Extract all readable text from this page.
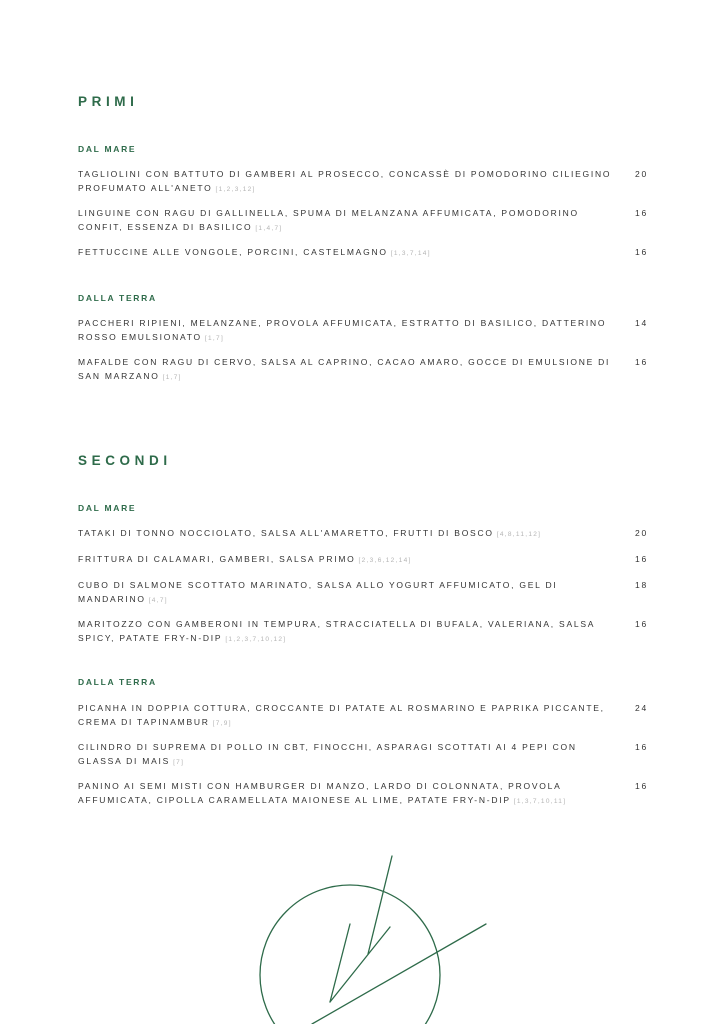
PRIMI
DAL MARE
TAGLIOLINI CON BATTUTO DI GAMBERI AL PROSECCO, CONCASSÈ DI POMODORINO CILIEGINO PROFUMATO ALL'ANETO [1,2,3,12]
20
LINGUINE CON RAGU DI GALLINELLA, SPUMA DI MELANZANA AFFUMICATA, POMODORINO CONFIT, ESSENZA DI BASILICO [1,4,7]
16
FETTUCCINE ALLE VONGOLE, PORCINI, CASTELMAGNO [1,3,7,14]	16
DALLA TERRA
PACCHERI RIPIENI, MELANZANE, PROVOLA AFFUMICATA, ESTRATTO DI BASILICO, DATTERINO ROSSO EMULSIONATO [1,7]
14
MAFALDE CON RAGU DI CERVO, SALSA AL CAPRINO, CACAO AMARO, GOCCE DI EMULSIONE DI SAN MARZANO [1,7]
16
SECONDI
DAL MARE
TATAKI DI TONNO NOCCIOLATO, SALSA ALL'AMARETTO, FRUTTI DI BOSCO [4,8,11,12]	20
FRITTURA DI CALAMARI, GAMBERI, SALSA PRIMO [2,3,6,12,14]	16
CUBO DI SALMONE SCOTTATO MARINATO, SALSA ALLO YOGURT AFFUMICATO, GEL DI MANDARINO [4,7]
18
MARITOZZO CON GAMBERONI IN TEMPURA, STRACCIATELLA DI BUFALA, VALERIANA, SALSA SPICY, PATATE FRY-N-DIP [1,2,3,7,10,12]
16
DALLA TERRA
PICANHA IN DOPPIA COTTURA, CROCCANTE DI PATATE AL ROSMARINO E PAPRIKA PICCANTE, CREMA DI TAPINAMBUR [7,9]
24
CILINDRO DI SUPREMA DI POLLO IN CBT, FINOCCHI, ASPARAGI SCOTTATI AI 4 PEPI CON GLASSA DI MAIS [7]
16
PANINO AI SEMI MISTI CON HAMBURGER DI MANZO, LARDO DI COLONNATA, PROVOLA AFFUMICATA, CIPOLLA CARAMELLATA MAIONESE AL LIME, PATATE FRY-N-DIP [1,3,7,10,11]
16
